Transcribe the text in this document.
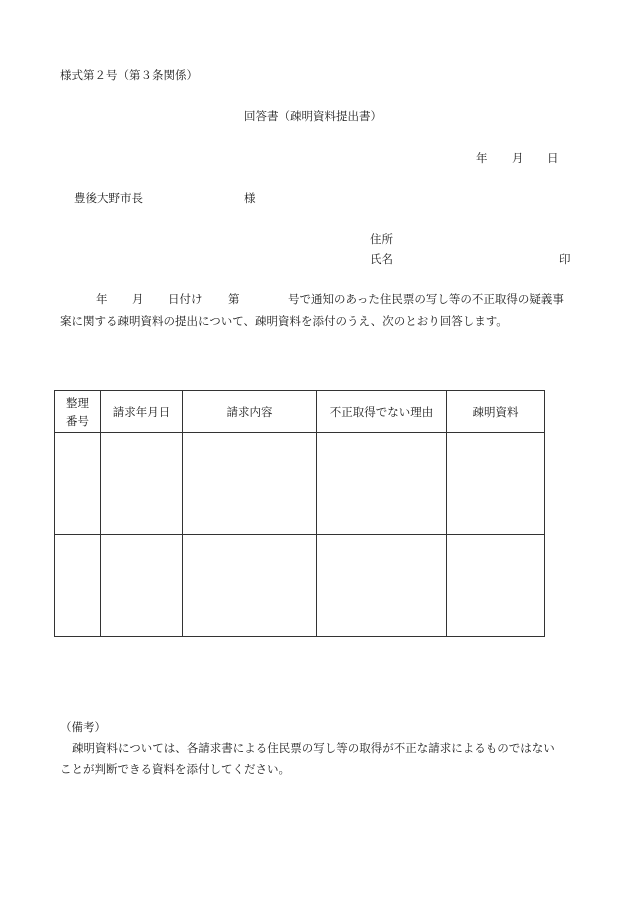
様式第２号（第３条関係）
回答書（疎明資料提出書）
年 月 日
豊後大野市長	様
住所
氏名	印
年 月 日付け 第	号で通知のあった住民票の写し等の不正取得の疑義事
案に関する疎明資料の提出について、疎明資料を添付のうえ、次のとおり回答します。
整理
番号	請求年月日	請求内容	不正取得でない理由	疎明資料

（備考）
疎明資料については、各請求書による住民票の写し等の取得が不正な請求によるものではない
ことが判断できる資料を添付してください。
